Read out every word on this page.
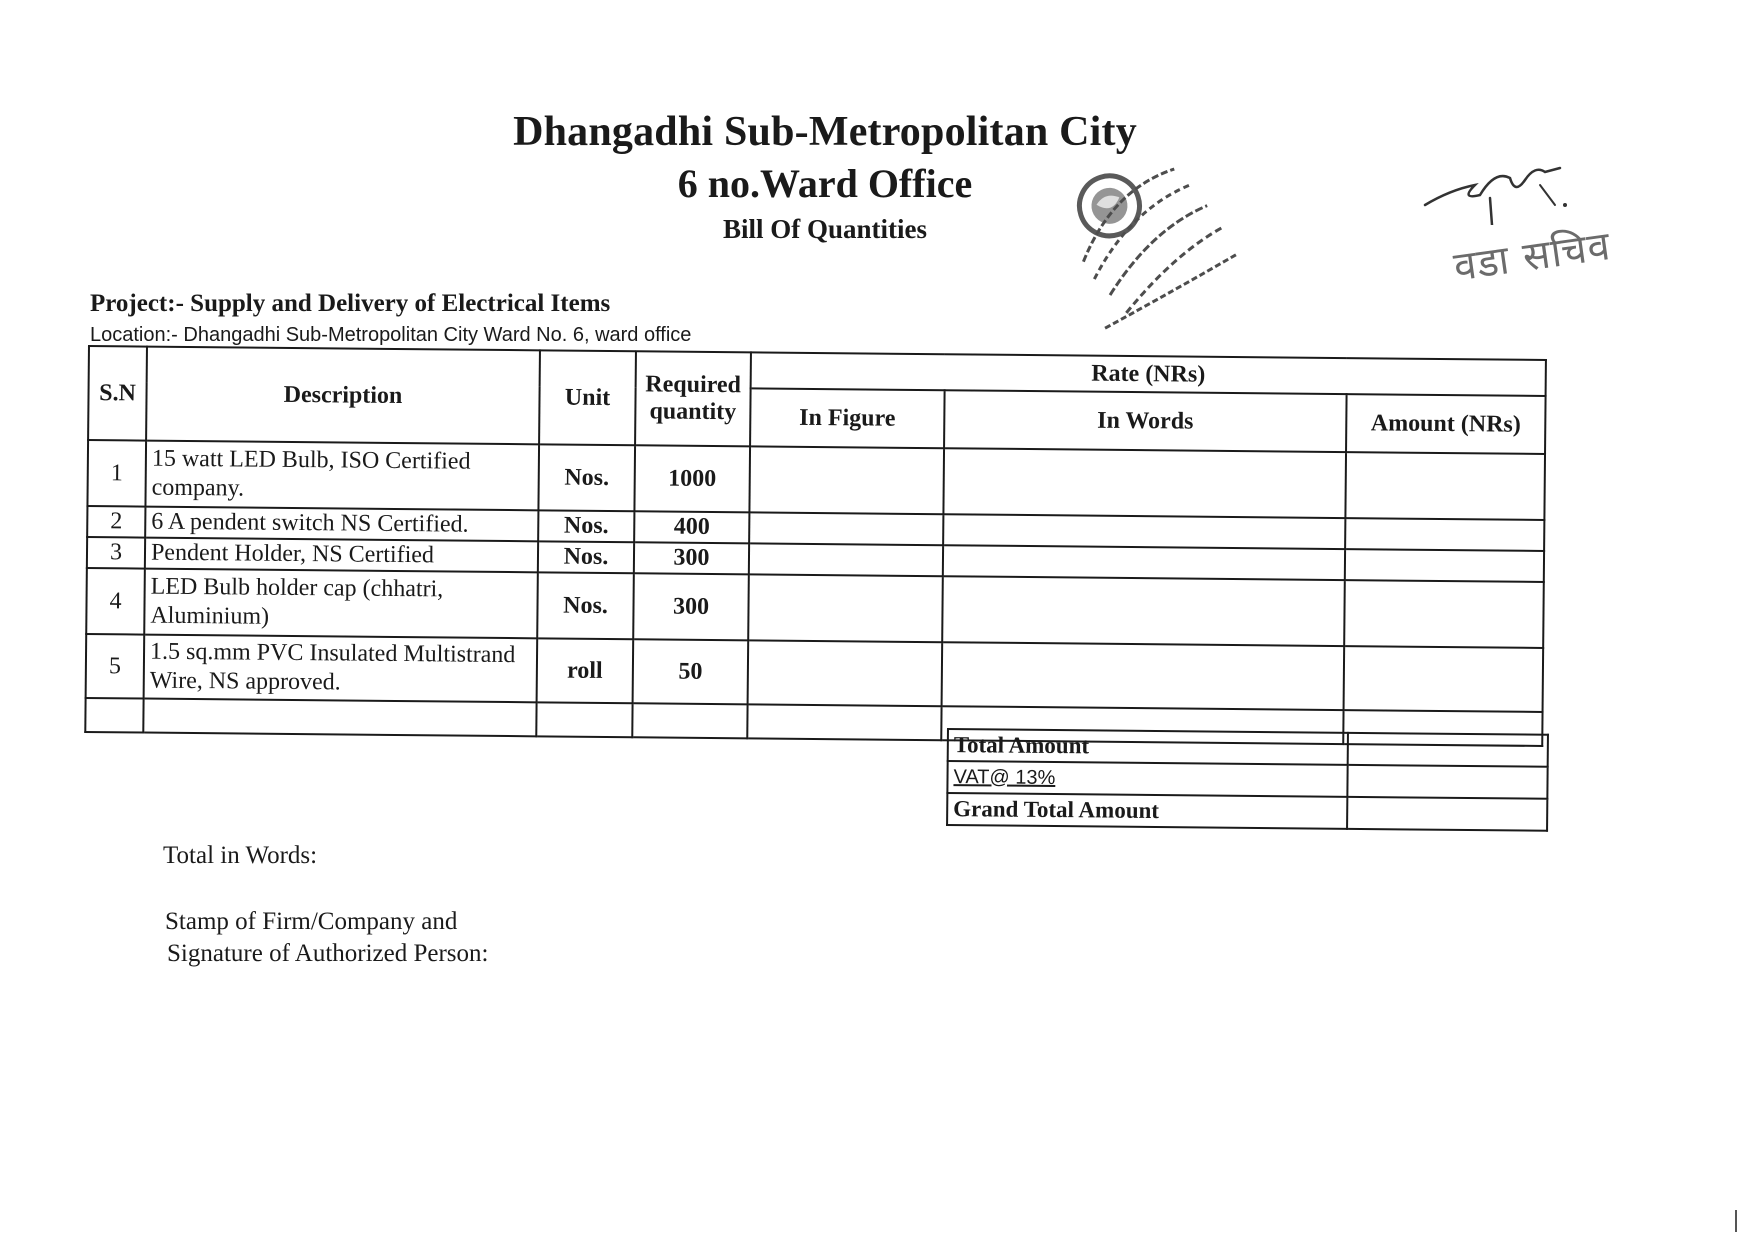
Dhangadhi Sub-Metropolitan City
6 no.Ward Office
Bill Of Quantities	वडा सचिव
Project:- Supply and Delivery of Electrical Items
Location:- Dhangadhi Sub-Metropolitan City Ward No. 6, ward office
S.N	Description	Unit	Required quantity	Rate (NRs)		
				In Figure	In Words	Amount (NRs)
1	15 watt LED Bulb, ISO Certified company.	Nos.	1000			
2	6 A pendent switch NS Certified.	Nos.	400			
3	Pendent Holder, NS Certified	Nos.	300			
4	LED Bulb holder cap (chhatri, Aluminium)	Nos.	300			
5	1.5 sq.mm PVC Insulated Multistrand Wire, NS approved.	roll	50			

Total Amount	
VAT@ 13%	
Grand Total Amount	
Total in Words:
Stamp of Firm/Company and
Signature of Authorized Person:
